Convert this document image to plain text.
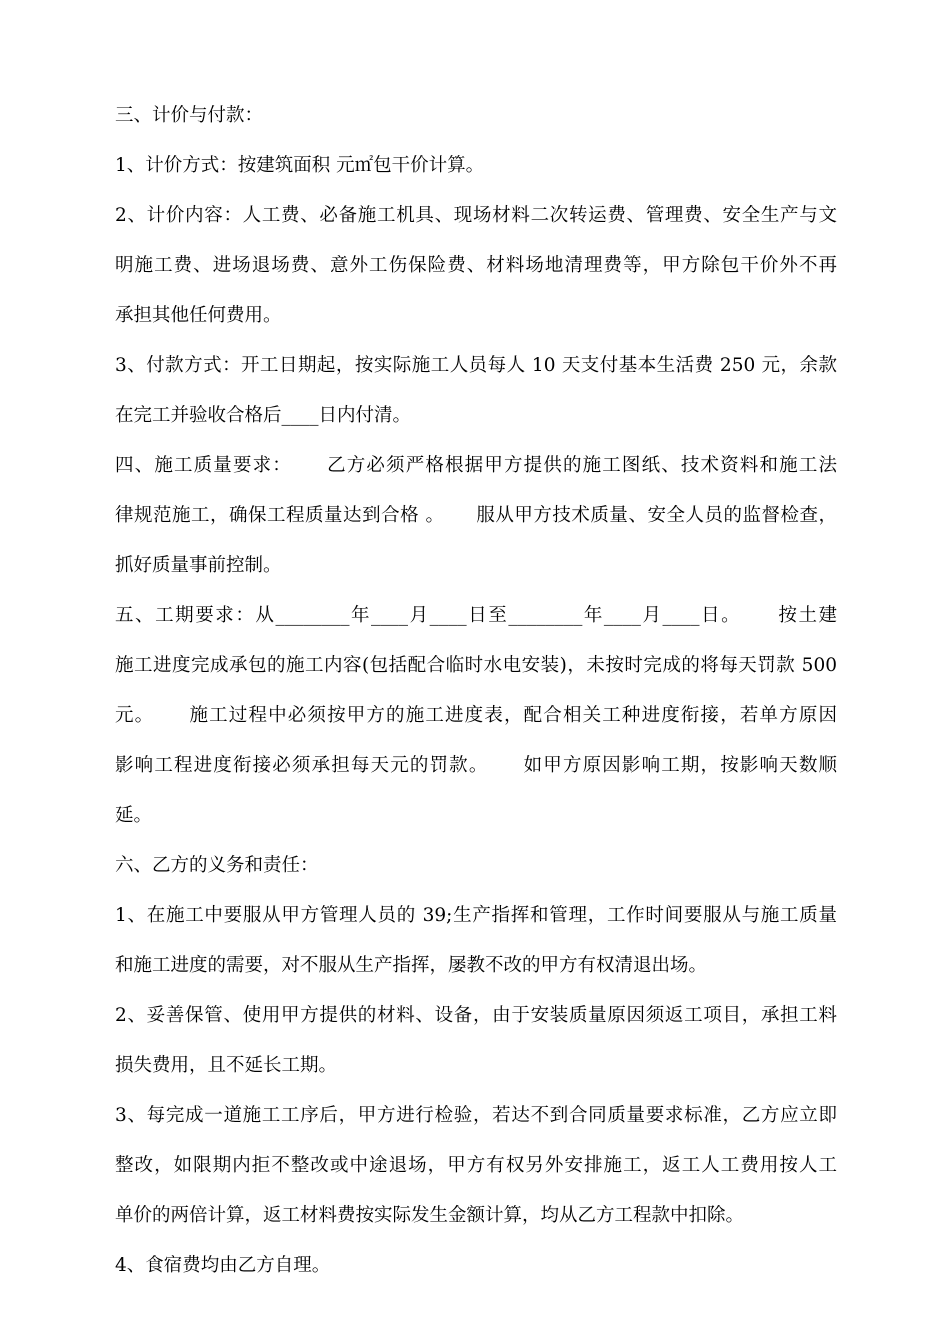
三、计价与付款：

1、计价方式：按建筑面积 元㎡包干价计算。

2、计价内容：人工费、必备施工机具、现场材料二次转运费、管理费、安全生产与文

明施工费、进场退场费、意外工伤保险费、材料场地清理费等，甲方除包干价外不再

承担其他任何费用。

3、付款方式：开工日期起，按实际施工人员每人 10 天支付基本生活费 250 元，余款

在完工并验收合格后____日内付清。

四、施工质量要求：     乙方必须严格根据甲方提供的施工图纸、技术资料和施工法

律规范施工，确保工程质量达到合格 。     服从甲方技术质量、安全人员的监督检查，

抓好质量事前控制。

五、工期要求：从________年____月____日至________年____月____日。     按土建

施工进度完成承包的施工内容(包括配合临时水电安装)，未按时完成的将每天罚款 500

元。     施工过程中必须按甲方的施工进度表，配合相关工种进度衔接，若单方原因

影响工程进度衔接必须承担每天元的罚款。     如甲方原因影响工期，按影响天数顺

延。

六、乙方的义务和责任：

1、在施工中要服从甲方管理人员的 39;生产指挥和管理，工作时间要服从与施工质量

和施工进度的需要，对不服从生产指挥，屡教不改的甲方有权清退出场。

2、妥善保管、使用甲方提供的材料、设备，由于安装质量原因须返工项目，承担工料

损失费用，且不延长工期。

3、每完成一道施工工序后，甲方进行检验，若达不到合同质量要求标准，乙方应立即

整改，如限期内拒不整改或中途退场，甲方有权另外安排施工，返工人工费用按人工

单价的两倍计算，返工材料费按实际发生金额计算，均从乙方工程款中扣除。

4、食宿费均由乙方自理。
